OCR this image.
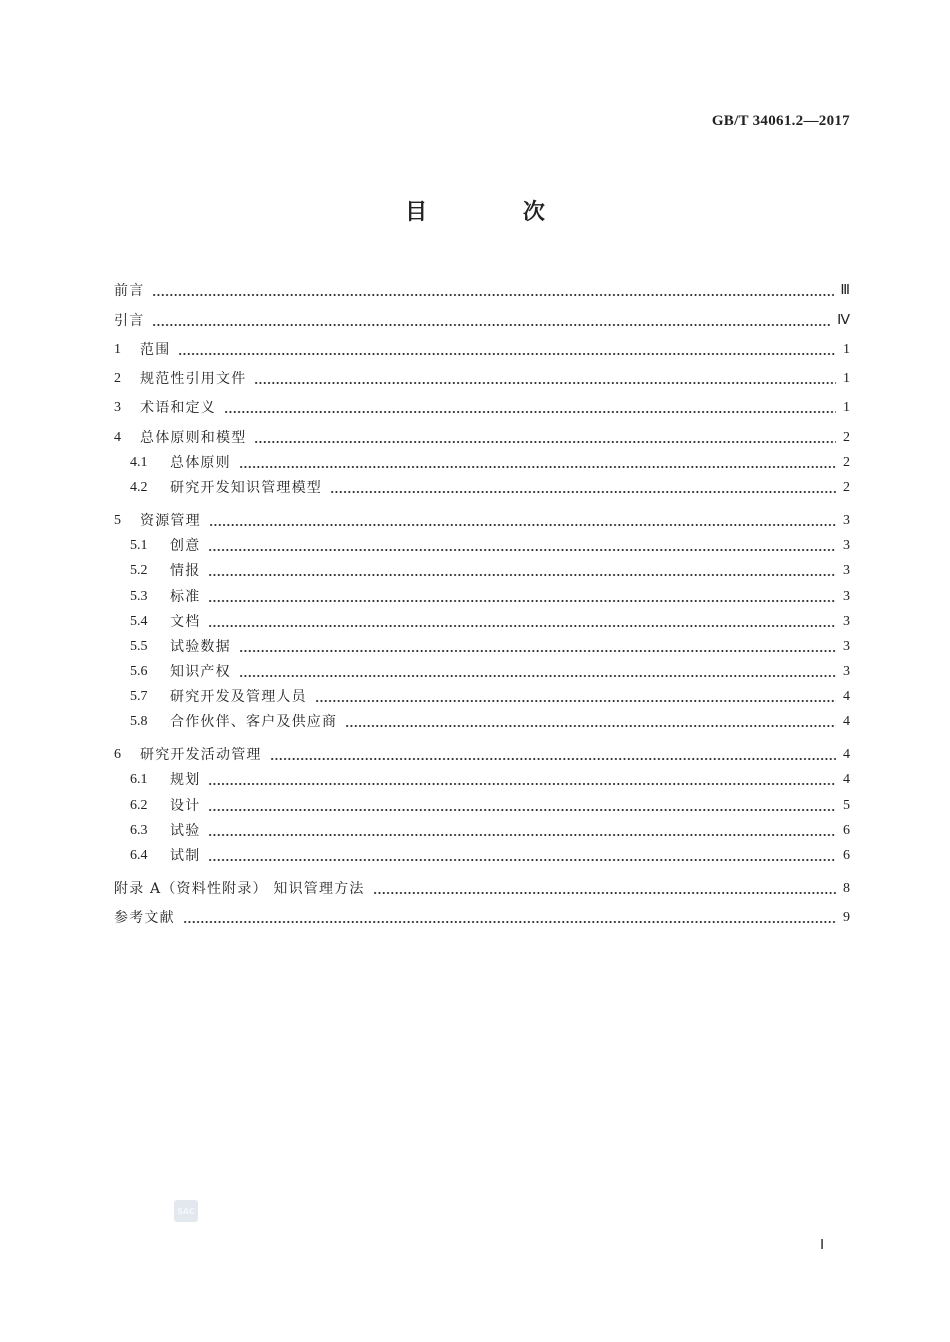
GB/T 34061.2—2017
目 次
前言	Ⅲ
引言	Ⅳ
1	范围	1
2	规范性引用文件	1
3	术语和定义	1
4	总体原则和模型	2
4.1	总体原则	2
4.2	研究开发知识管理模型	2
5	资源管理	3
5.1	创意	3
5.2	情报	3
5.3	标准	3
5.4	文档	3
5.5	试验数据	3
5.6	知识产权	3
5.7	研究开发及管理人员	4
5.8	合作伙伴、客户及供应商	4
6	研究开发活动管理	4
6.1	规划	4
6.2	设计	5
6.3	试验	6
6.4	试制	6
附录 A（资料性附录） 知识管理方法	8
参考文献	9
SAC
Ⅰ
